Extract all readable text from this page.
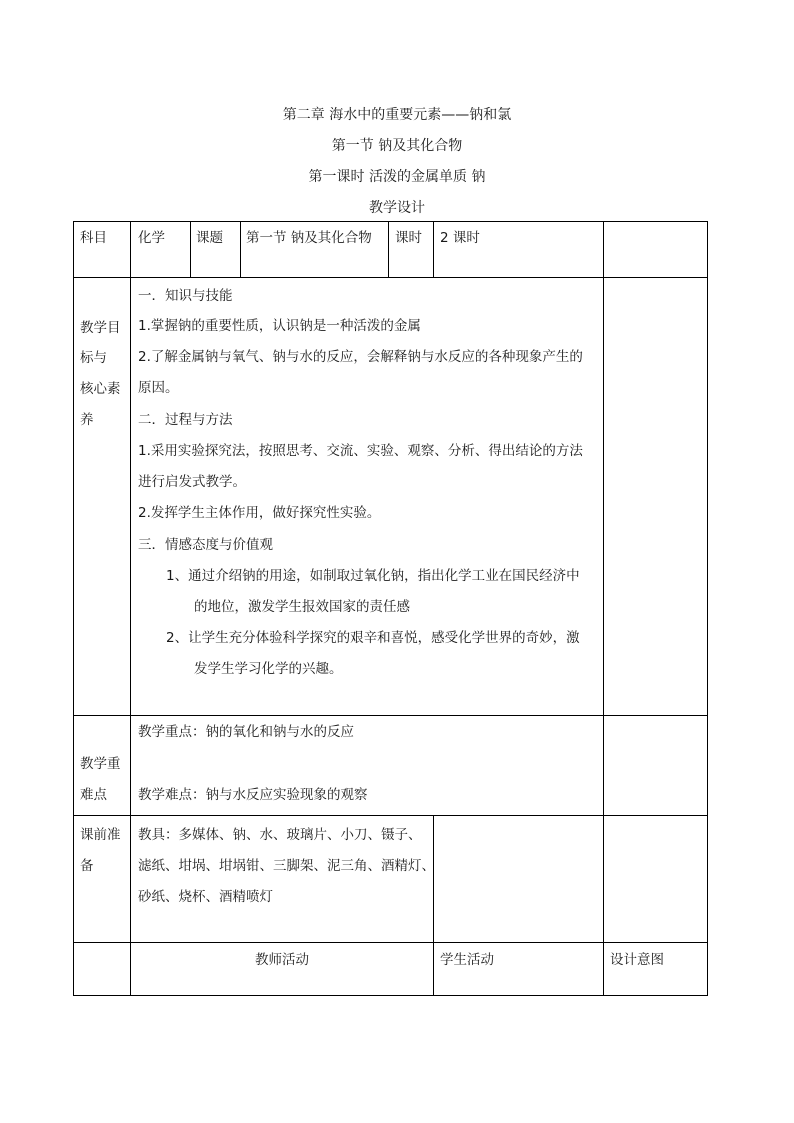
第二章 海水中的重要元素——钠和氯
第一节 钠及其化合物
第一课时 活泼的金属单质 钠
教学设计
科目 化学 课题 第一节 钠及其化合物 课时 2 课时
教学目
标与
核心素
养
一．知识与技能
1.掌握钠的重要性质，认识钠是一种活泼的金属
2.了解金属钠与氧气、钠与水的反应，会解释钠与水反应的各种现象产生的
原因。
二．过程与方法
1.采用实验探究法，按照思考、交流、实验、观察、分析、得出结论的方法
进行启发式教学。
2.发挥学生主体作用，做好探究性实验。
三．情感态度与价值观
1、通过介绍钠的用途，如制取过氧化钠，指出化学工业在国民经济中
的地位，激发学生报效国家的责任感
2、让学生充分体验科学探究的艰辛和喜悦，感受化学世界的奇妙，激
发学生学习化学的兴趣。
教学重
难点
教学重点：钠的氧化和钠与水的反应
教学难点：钠与水反应实验现象的观察
课前准
备
教具：多媒体、钠、水、玻璃片、小刀、镊子、
滤纸、坩埚、坩埚钳、三脚架、泥三角、酒精灯、
砂纸、烧杯、酒精喷灯
教师活动	学生活动	设计意图
